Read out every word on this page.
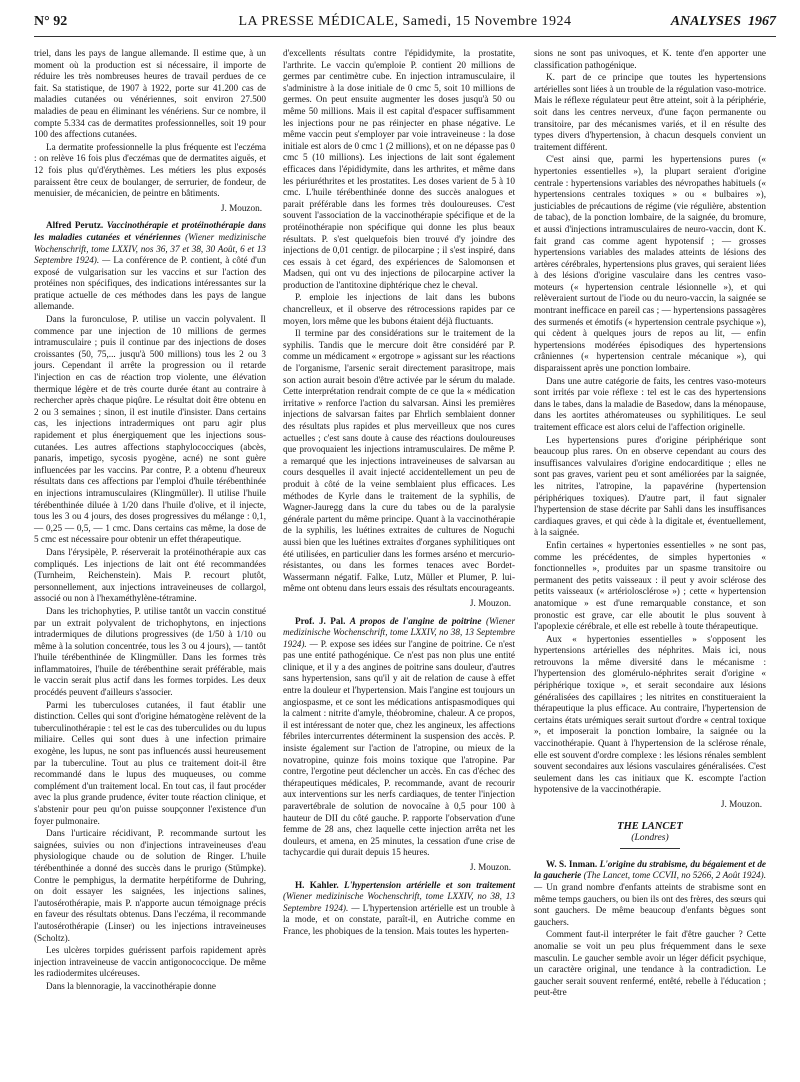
N° 92	LA PRESSE MÉDICALE, Samedi, 15 Novembre 1924	ANALYSES 1967

triel, dans les pays de langue allemande. Il estime que, à un moment où la production est si nécessaire, il importe de réduire les très nombreuses heures de travail perdues de ce fait. Sa statistique, de 1907 à 1922, porte sur 41.200 cas de maladies cutanées ou vénériennes, soit environ 27.500 maladies de peau en éliminant les vénériens. Sur ce nombre, il compte 5.334 cas de dermatites professionnelles, soit 19 pour 100 des affections cutanées.

La dermatite professionnelle la plus fréquente est l'eczéma : on relève 16 fois plus d'eczémas que de dermatites aiguës, et 12 fois plus qu'd'érythèmes. Les métiers les plus exposés paraissent être ceux de boulanger, de serrurier, de fondeur, de menuisier, de mécanicien, de peintre en bâtiments.

J. Mouzon.

Alfred Perutz. Vaccinothérapie et protéinothérapie dans les maladies cutanées et vénériennes (Wiener medizinische Wochenschrift, tome LXXIV, nos 36, 37 et 38, 30 Août, 6 et 13 Septembre 1924). — La conférence de P. contient, à côté d'un exposé de vulgarisation sur les vaccins et sur l'action des protéines non spécifiques, des indications intéressantes sur la pratique actuelle de ces méthodes dans les pays de langue allemande.

Dans la furonculose, P. utilise un vaccin polyvalent. Il commence par une injection de 10 millions de germes intramusculaire ; puis il continue par des injections de doses croissantes (50, 75,... jusqu'à 500 millions) tous les 2 ou 3 jours. Cependant il arrête la progression ou il retarde l'injection en cas de réaction trop violente, une élévation thermique légère et de très courte durée étant au contraire à rechercher après chaque piqûre. Le résultat doit être obtenu en 2 ou 3 semaines ; sinon, il est inutile d'insister. Dans certains cas, les injections intradermiques ont paru agir plus rapidement et plus énergiquement que les injections sous-cutanées. Les autres affections staphylococciques (abcès, panaris, impetigo, sycosis pyogène, acné) ne sont guère influencées par les vaccins. Par contre, P. a obtenu d'heureux résultats dans ces affections par l'emploi d'huile térébenthinée en injections intramusculaires (Klingmüller). Il utilise l'huile térébenthinée diluée à 1/20 dans l'huile d'olive, et il injecte, tous les 3 ou 4 jours, des doses progressives du mélange : 0,1, — 0,25 — 0,5, — 1 cmc. Dans certains cas même, la dose de 5 cmc est nécessaire pour obtenir un effet thérapeutique.

Dans l'érysipèle, P. réserverait la protéinothérapie aux cas compliqués. Les injections de lait ont été recommandées (Turnheim, Reichenstein). Mais P. recourt plutôt, personnellement, aux injections intraveineuses de collargol, associé ou non à l'hexaméthylène-tétramine.

Dans les trichophyties, P. utilise tantôt un vaccin constitué par un extrait polyvalent de trichophytons, en injections intradermiques de dilutions progressives (de 1/50 à 1/10 ou même à la solution concentrée, tous les 3 ou 4 jours), — tantôt l'huile térébenthinée de Klingmüller. Dans les formes très inflammatoires, l'huile de térébenthine serait préférable, mais le vaccin serait plus actif dans les formes torpides. Les deux procédés peuvent d'ailleurs s'associer.

Parmi les tuberculoses cutanées, il faut établir une distinction. Celles qui sont d'origine hématogène relèvent de la tuberculinothérapie : tel est le cas des tuberculides ou du lupus miliaire. Celles qui sont dues à une infection primaire exogène, les lupus, ne sont pas influencés aussi heureusement par la tuberculine. Tout au plus ce traitement doit-il être recommandé dans le lupus des muqueuses, ou comme complément d'un traitement local. En tout cas, il faut procéder avec la plus grande prudence, éviter toute réaction clinique, et s'abstenir pour peu qu'on puisse soupçonner l'existence d'un foyer pulmonaire.

Dans l'urticaire récidivant, P. recommande surtout les saignées, suivies ou non d'injections intraveineuses d'eau physiologique chaude ou de solution de Ringer. L'huile térébenthinée a donné des succès dans le prurigo (Stümpke). Contre le pemphigus, la dermatite herpétiforme de Duhring, on doit essayer les saignées, les injections salines, l'autosérothérapie, mais P. n'apporte aucun témoignage précis en faveur des résultats obtenus. Dans l'eczéma, il recommande l'autosérothérapie (Linser) ou les injections intraveineuses (Scholtz).

Les ulcères torpides guérissent parfois rapidement après injection intraveineuse de vaccin antigonococcique. De même les radiodermites ulcéreuses.

Dans la blennoragie, la vaccinothérapie donne

d'excellents résultats contre l'épididymite, la prostatite, l'arthrite. Le vaccin qu'emploie P. contient 20 millions de germes par centimètre cube. En injection intramusculaire, il s'administre à la dose initiale de 0 cmc 5, soit 10 millions de germes. On peut ensuite augmenter les doses jusqu'à 50 ou même 50 millions. Mais il est capital d'espacer suffisamment les injections pour ne pas réinjecter en phase négative. Le même vaccin peut s'employer par voie intraveineuse : la dose initiale est alors de 0 cmc 1 (2 millions), et on ne dépasse pas 0 cmc 5 (10 millions). Les injections de lait sont également efficaces dans l'épididymite, dans les arthrites, et même dans les périuréthrites et les prostatites. Les doses varient de 5 à 10 cmc. L'huile térébenthinée donne des succès analogues et parait préférable dans les formes très douloureuses. C'est souvent l'association de la vaccinothérapie spécifique et de la protéinothérapie non spécifique qui donne les plus beaux résultats. P. s'est quelquefois bien trouvé d'y joindre des injections de 0,01 centigr. de pilocarpine ; il s'est inspiré, dans ces essais à cet égard, des expériences de Salomonsen et Madsen, qui ont vu des injections de pilocarpine activer la production de l'antitoxine diphtérique chez le cheval.

P. emploie les injections de lait dans les bubons chancrelleux, et il observe des rétrocessions rapides par ce moyen, lors même que les bubons étaient déjà fluctuants.

Il termine par des considérations sur le traitement de la syphilis. Tandis que le mercure doit être considéré par P. comme un médicament « ergotrope » agissant sur les réactions de l'organisme, l'arsenic serait directement parasitrope, mais son action aurait besoin d'être activée par le sérum du malade. Cette interprétation rendrait compte de ce que la « médication irritative » renforce l'action du salvarsan. Ainsi les premières injections de salvarsan faites par Ehrlich semblaient donner des résultats plus rapides et plus merveilleux que nos cures actuelles ; c'est sans doute à cause des réactions douloureuses que provoquaient les injections intramusculaires. De même P. a remarqué que les injections intraveineuses de salvarsan au cours desquelles il avait injecté accidentellement un peu de produit à côté de la veine semblaient plus efficaces. Les méthodes de Kyrle dans le traitement de la syphilis, de Wagner-Jauregg dans la cure du tabes ou de la paralysie générale partent du même principe. Quant à la vaccinothérapie de la syphilis, les luétines extraites de cultures de Noguchi aussi bien que les luétines extraites d'organes syphilitiques ont été utilisées, en particulier dans les formes arséno et mercurio-résistantes, ou dans les formes tenaces avec Bordet-Wassermann négatif. Falke, Lutz, Müller et Plumer, P. lui-même ont obtenu dans leurs essais des résultats encourageants.

J. Mouzon.

Prof. J. Pal. A propos de l'angine de poitrine (Wiener medizinische Wochenschrift, tome LXXIV, no 38, 13 Septembre 1924). — P. expose ses idées sur l'angine de poitrine. Ce n'est pas une entité pathogénique. Ce n'est pas non plus une entité clinique, et il y a des angines de poitrine sans douleur, d'autres sans hypertension, sans qu'il y ait de relation de cause à effet entre la douleur et l'hypertension. Mais l'angine est toujours un angiospasme, et ce sont les médications antispasmodiques qui la calment : nitrite d'amyle, théobromine, chaleur. A ce propos, il est intéressant de noter que, chez les angineux, les affections fébriles intercurrentes déterminent la suspension des accès. P. insiste également sur l'action de l'atropine, ou mieux de la novatropine, quinze fois moins toxique que l'atropine. Par contre, l'ergotine peut déclencher un accès. En cas d'échec des thérapeutiques médicales, P. recommande, avant de recourir aux interventions sur les nerfs cardiaques, de tenter l'injection paravertébrale de solution de novocaïne à 0,5 pour 100 à hauteur de DII du côté gauche. P. rapporte l'observation d'une femme de 28 ans, chez laquelle cette injection arrêta net les douleurs, et amena, en 25 minutes, la cessation d'une crise de tachycardie qui durait depuis 15 heures.

J. Mouzon.

H. Kahler. L'hypertension artérielle et son traitement (Wiener medizinische Wochenschrift, tome LXXIV, no 38, 13 Septembre 1924). — L'hypertension artérielle est un trouble à la mode, et on constate, paraît-il, en Autriche comme en France, les phobiques de la tension. Mais toutes les hyperten-

sions ne sont pas univoques, et K. tente d'en apporter une classification pathogénique.

K. part de ce principe que toutes les hypertensions artérielles sont liées à un trouble de la régulation vaso-motrice. Mais le réflexe régulateur peut être atteint, soit à la périphérie, soit dans les centres nerveux, d'une façon permanente ou transitoire, par des mécanismes variés, et il en résulte des types divers d'hypertension, à chacun desquels convient un traitement différent.

C'est ainsi que, parmi les hypertensions pures (« hypertonies essentielles »), la plupart seraient d'origine centrale : hypertensions variables des névropathes habituels (« hypertensions centrales toxiques » ou « bulbaires »), justiciables de précautions de régime (vie régulière, abstention de tabac), de la ponction lombaire, de la saignée, du bromure, et aussi d'injections intramusculaires de neuro-vaccin, dont K. fait grand cas comme agent hypotensif ; — grosses hypertensions variables des malades atteints de lésions des artères cérébrales, hypertensions plus graves, qui seraient liées à des lésions d'origine vasculaire dans les centres vaso-moteurs (« hypertension centrale lésionnelle »), et qui relèveraient surtout de l'iode ou du neuro-vaccin, la saignée se montrant inefficace en pareil cas ; — hypertensions passagères des surmenés et émotifs (« hypertension centrale psychique »), qui cèdent à quelques jours de repos au lit, — enfin hypertensions modérées épisodiques des hypertensions crâniennes (« hypertension centrale mécanique »), qui disparaissent après une ponction lombaire.

Dans une autre catégorie de faits, les centres vaso-moteurs sont irrités par voie réflexe : tel est le cas des hypertensions dans le tabes, dans la maladie de Basedow, dans la ménopause, dans les aortites athéromateuses ou syphilitiques. Le seul traitement efficace est alors celui de l'affection originelle.

Les hypertensions pures d'origine périphérique sont beaucoup plus rares. On en observe cependant au cours des insuffisances valvulaires d'origine endocarditique ; elles ne sont pas graves, varient peu et sont améliorées par la saignée, les nitrites, l'atropine, la papavérine (hypertension périphériques toxiques). D'autre part, il faut signaler l'hypertension de stase décrite par Sahli dans les insuffisances cardiaques graves, et qui cède à la digitale et, éventuellement, à la saignée.

Enfin certaines « hypertonies essentielles » ne sont pas, comme les précédentes, de simples hypertonies « fonctionnelles », produites par un spasme transitoire ou permanent des petits vaisseaux : il peut y avoir sclérose des petits vaisseaux (« artériolosclérose ») ; cette « hypertension anatomique » est d'une remarquable constance, et son pronostic est grave, car elle aboutit le plus souvent à l'apoplexie cérébrale, et elle est rebelle à toute thérapeutique.

Aux « hypertonies essentielles » s'opposent les hypertensions artérielles des néphrites. Mais ici, nous retrouvons la même diversité dans le mécanisme : l'hypertension des glomérulo-néphrites serait d'origine « périphérique toxique », et serait secondaire aux lésions généralisées des capillaires ; les nitrites en constitueraient la thérapeutique la plus efficace. Au contraire, l'hypertension de certains états urémiques serait surtout d'ordre « central toxique », et imposerait la ponction lombaire, la saignée ou la vaccinothérapie. Quant à l'hypertension de la sclérose rénale, elle est souvent d'ordre complexe : les lésions rénales semblent souvent secondaires aux lésions vasculaires généralisées. C'est seulement dans les cas initiaux que K. escompte l'action hypotensive de la vaccinothérapie.

J. Mouzon.

THE LANCET
(Londres)

W. S. Inman. L'origine du strabisme, du bégaiement et de la gaucherie (The Lancet, tome CCVII, no 5266, 2 Août 1924). — Un grand nombre d'enfants atteints de strabisme sont en même temps gauchers, ou bien ils ont des frères, des sœurs qui sont gauchers. De même beaucoup d'enfants bègues sont gauchers.

Comment faut-il interpréter le fait d'être gaucher ? Cette anomalie se voit un peu plus fréquemment dans le sexe masculin. Le gaucher semble avoir un léger déficit psychique, un caractère original, une tendance à la contradiction. Le gaucher serait souvent renfermé, entêté, rebelle à l'éducation ; peut-être
